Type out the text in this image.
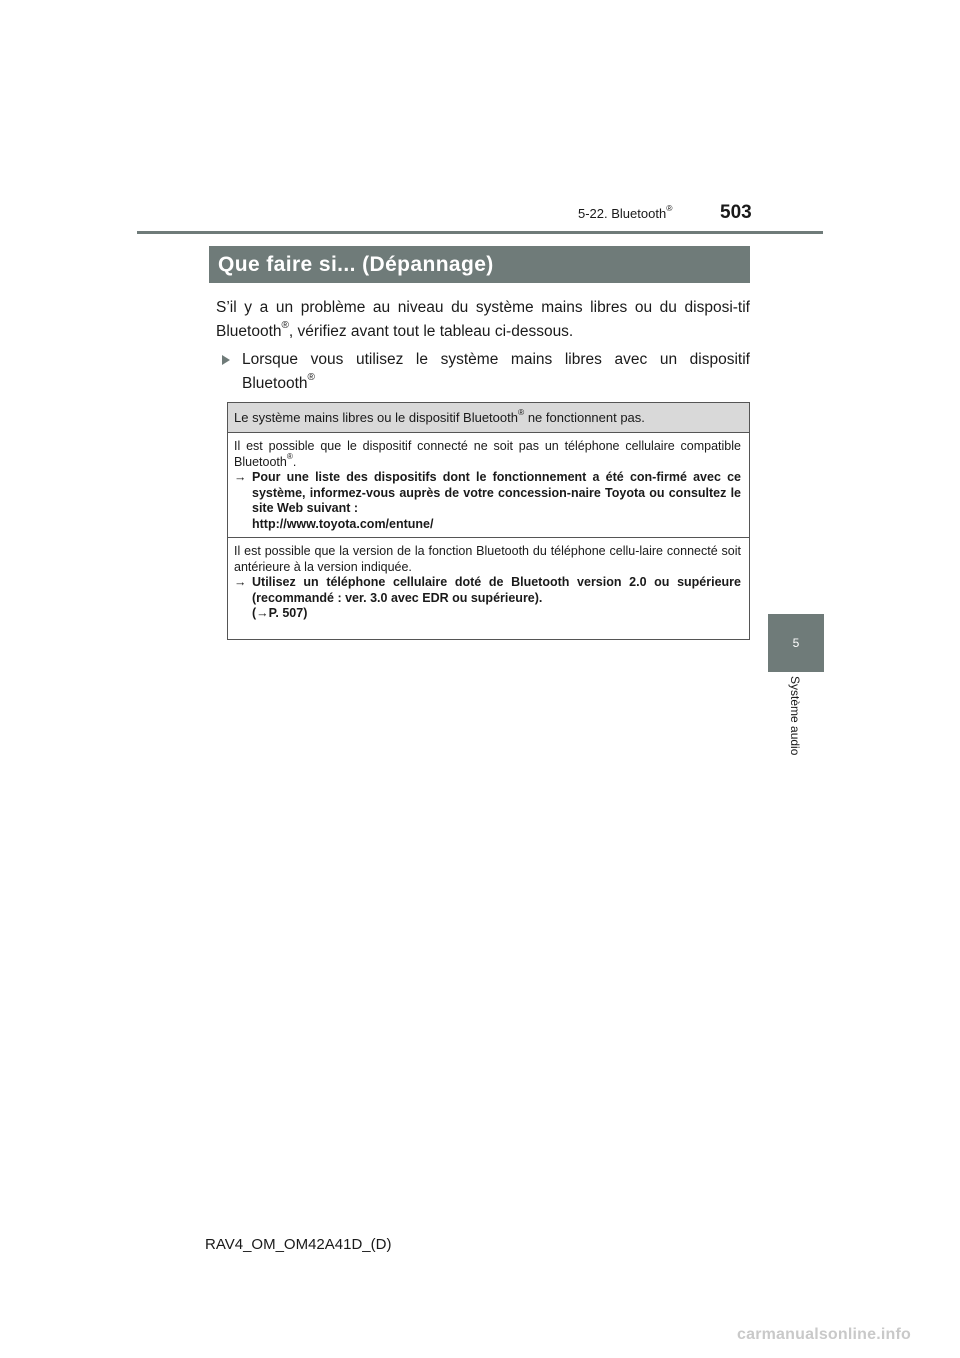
5-22. Bluetooth®	503
5
Système audio
Que faire si... (Dépannage)

S’il y a un problème au niveau du système mains libres ou du disposi-tif Bluetooth®, vérifiez avant tout le tableau ci-dessous.

Lorsque vous utilisez le système mains libres avec un dispositif Bluetooth®
Le système mains libres ou le dispositif Bluetooth® ne fonctionnent pas.
Il est possible que le dispositif connecté ne soit pas un téléphone cellulaire compatible Bluetooth®.
→ Pour une liste des dispositifs dont le fonctionnement a été con-firmé avec ce système, informez-vous auprès de votre concession-naire Toyota ou consultez le site Web suivant :
http://www.toyota.com/entune/
Il est possible que la version de la fonction Bluetooth du téléphone cellu-laire connecté soit antérieure à la version indiquée.
→ Utilisez un téléphone cellulaire doté de Bluetooth version 2.0 ou supérieure (recommandé : ver. 3.0 avec EDR ou supérieure).
(→P. 507)
RAV4_OM_OM42A41D_(D)
carmanualsonline.info
